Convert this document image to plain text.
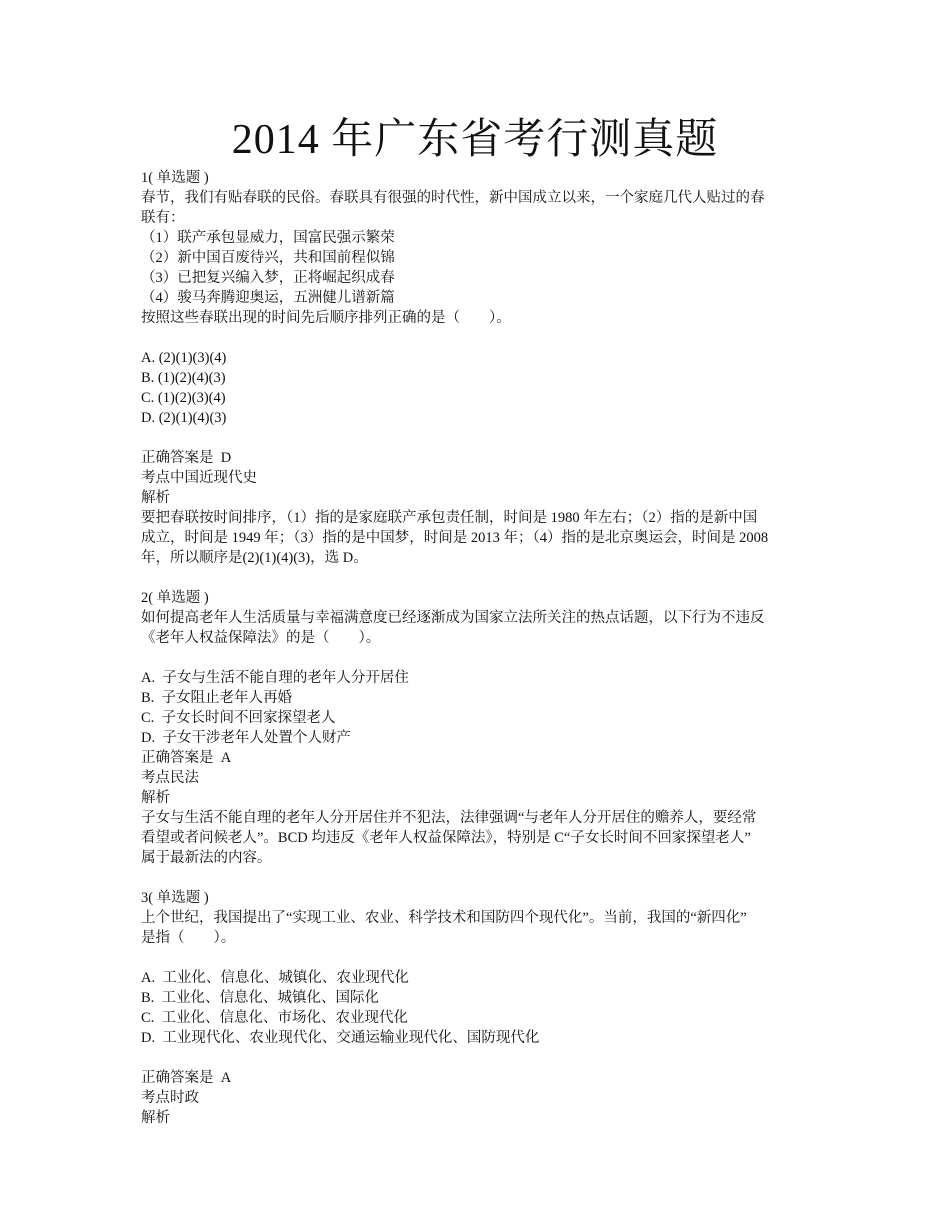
2014 年广东省考行测真题
1( 单选题 )
春节，我们有贴春联的民俗。春联具有很强的时代性，新中国成立以来，一个家庭几代人贴过的春
联有：
（1）联产承包显威力，国富民强示繁荣
（2）新中国百废待兴，共和国前程似锦
（3）已把复兴编入梦，正将崛起织成春
（4）骏马奔腾迎奥运，五洲健儿谱新篇
按照这些春联出现的时间先后顺序排列正确的是（　　）。
A. (2)(1)(3)(4)
B. (1)(2)(4)(3)
C. (1)(2)(3)(4)
D. (2)(1)(4)(3)
正确答案是  D
考点中国近现代史
解析
要把春联按时间排序，（1）指的是家庭联产承包责任制，时间是 1980 年左右；（2）指的是新中国
成立，时间是 1949 年；（3）指的是中国梦，时间是 2013 年；（4）指的是北京奥运会，时间是 2008
年，所以顺序是(2)(1)(4)(3)，选 D。
2( 单选题 )
如何提高老年人生活质量与幸福满意度已经逐渐成为国家立法所关注的热点话题，以下行为不违反
《老年人权益保障法》的是（　　）。
A.  子女与生活不能自理的老年人分开居住
B.  子女阻止老年人再婚
C.  子女长时间不回家探望老人
D.  子女干涉老年人处置个人财产
正确答案是  A
考点民法
解析
子女与生活不能自理的老年人分开居住并不犯法，法律强调“与老年人分开居住的赡养人，要经常
看望或者问候老人”。BCD 均违反《老年人权益保障法》，特别是 C“子女长时间不回家探望老人”
属于最新法的内容。
3( 单选题 )
上个世纪，我国提出了“实现工业、农业、科学技术和国防四个现代化”。当前，我国的“新四化”
是指（　　）。
A.  工业化、信息化、城镇化、农业现代化
B.  工业化、信息化、城镇化、国际化
C.  工业化、信息化、市场化、农业现代化
D.  工业现代化、农业现代化、交通运输业现代化、国防现代化
正确答案是  A
考点时政
解析
